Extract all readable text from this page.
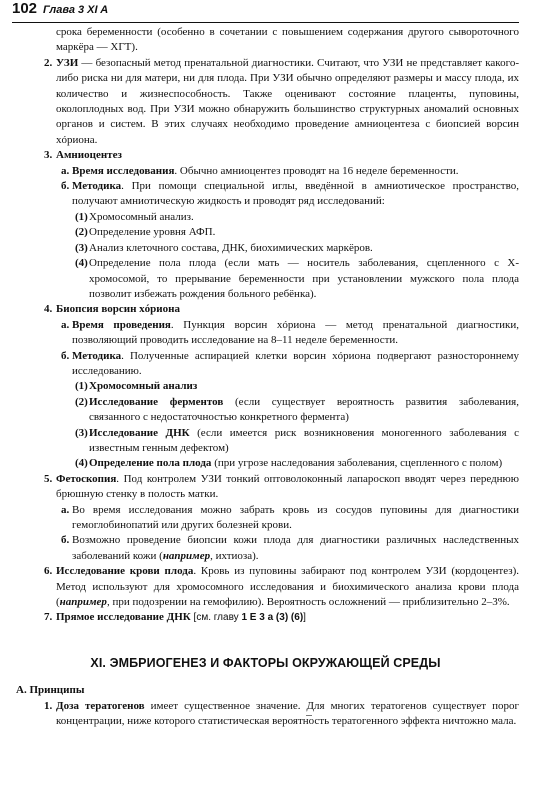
102 Глава 3 XI A
срока беременности (особенно в сочетании с повышением содержания другого сывороточного маркёра — ХГТ).
2. УЗИ — безопасный метод пренатальной диагностики. Считают, что УЗИ не представляет какого-либо риска ни для матери, ни для плода. При УЗИ обычно определяют размеры и массу плода, их количество и жизнеспособность. Также оценивают состояние плаценты, пуповины, околоплодных вод. При УЗИ можно обнаружить большинство структурных аномалий основных органов и систем. В этих случаях необходимо проведение амниоцентеза с биопсией ворсин хóриона.
3. Амниоцентез
а. Время исследования. Обычно амниоцентез проводят на 16 неделе беременности.
б. Методика. При помощи специальной иглы, введённой в амниотическое пространство, получают амниотическую жидкость и проводят ряд исследований:
(1) Хромосомный анализ.
(2) Определение уровня АФП.
(3) Анализ клеточного состава, ДНК, биохимических маркёров.
(4) Определение пола плода (если мать — носитель заболевания, сцепленного с Х-хромосомой, то прерывание беременности при установлении мужского пола плода позволит избежать рождения больного ребёнка).
4. Биопсия ворсин хóриона
а. Время проведения. Пункция ворсин хóриона — метод пренатальной диагностики, позволяющий проводить исследование на 8–11 неделе беременности.
б. Методика. Полученные аспирацией клетки ворсин хóриона подвергают разностороннему исследованию.
(1) Хромосомный анализ
(2) Исследование ферментов (если существует вероятность развития заболевания, связанного с недостаточностью конкретного фермента)
(3) Исследование ДНК (если имеется риск возникновения моногенного заболевания с известным генным дефектом)
(4) Определение пола плода (при угрозе наследования заболевания, сцепленного с полом)
5. Фетоскопия. Под контролем УЗИ тонкий оптоволоконный лапароскоп вводят через переднюю брюшную стенку в полость матки.
а. Во время исследования можно забрать кровь из сосудов пуповины для диагностики гемоглобинопатий или других болезней крови.
б. Возможно проведение биопсии кожи плода для диагностики различных наследственных заболеваний кожи (например, ихтиоза).
6. Исследование крови плода. Кровь из пуповины забирают под контролем УЗИ (кордоцентез). Метод используют для хромосомного исследования и биохимического анализа крови плода (например, при подозрении на гемофилию). Вероятность осложнений — приблизительно 2–3%.
7. Прямое исследование ДНК [см. главу 1 Е 3 а (3) (6)]
XI. ЭМБРИОГЕНЕЗ И ФАКТОРЫ ОКРУЖАЮЩЕЙ СРЕДЫ
А. Принципы
1. Доза тератогенов имеет существенное значение. Для многих тератогенов существует порог концентрации, ниже которого статистическая вероятность тератогенного эффекта ничтожно мала.
